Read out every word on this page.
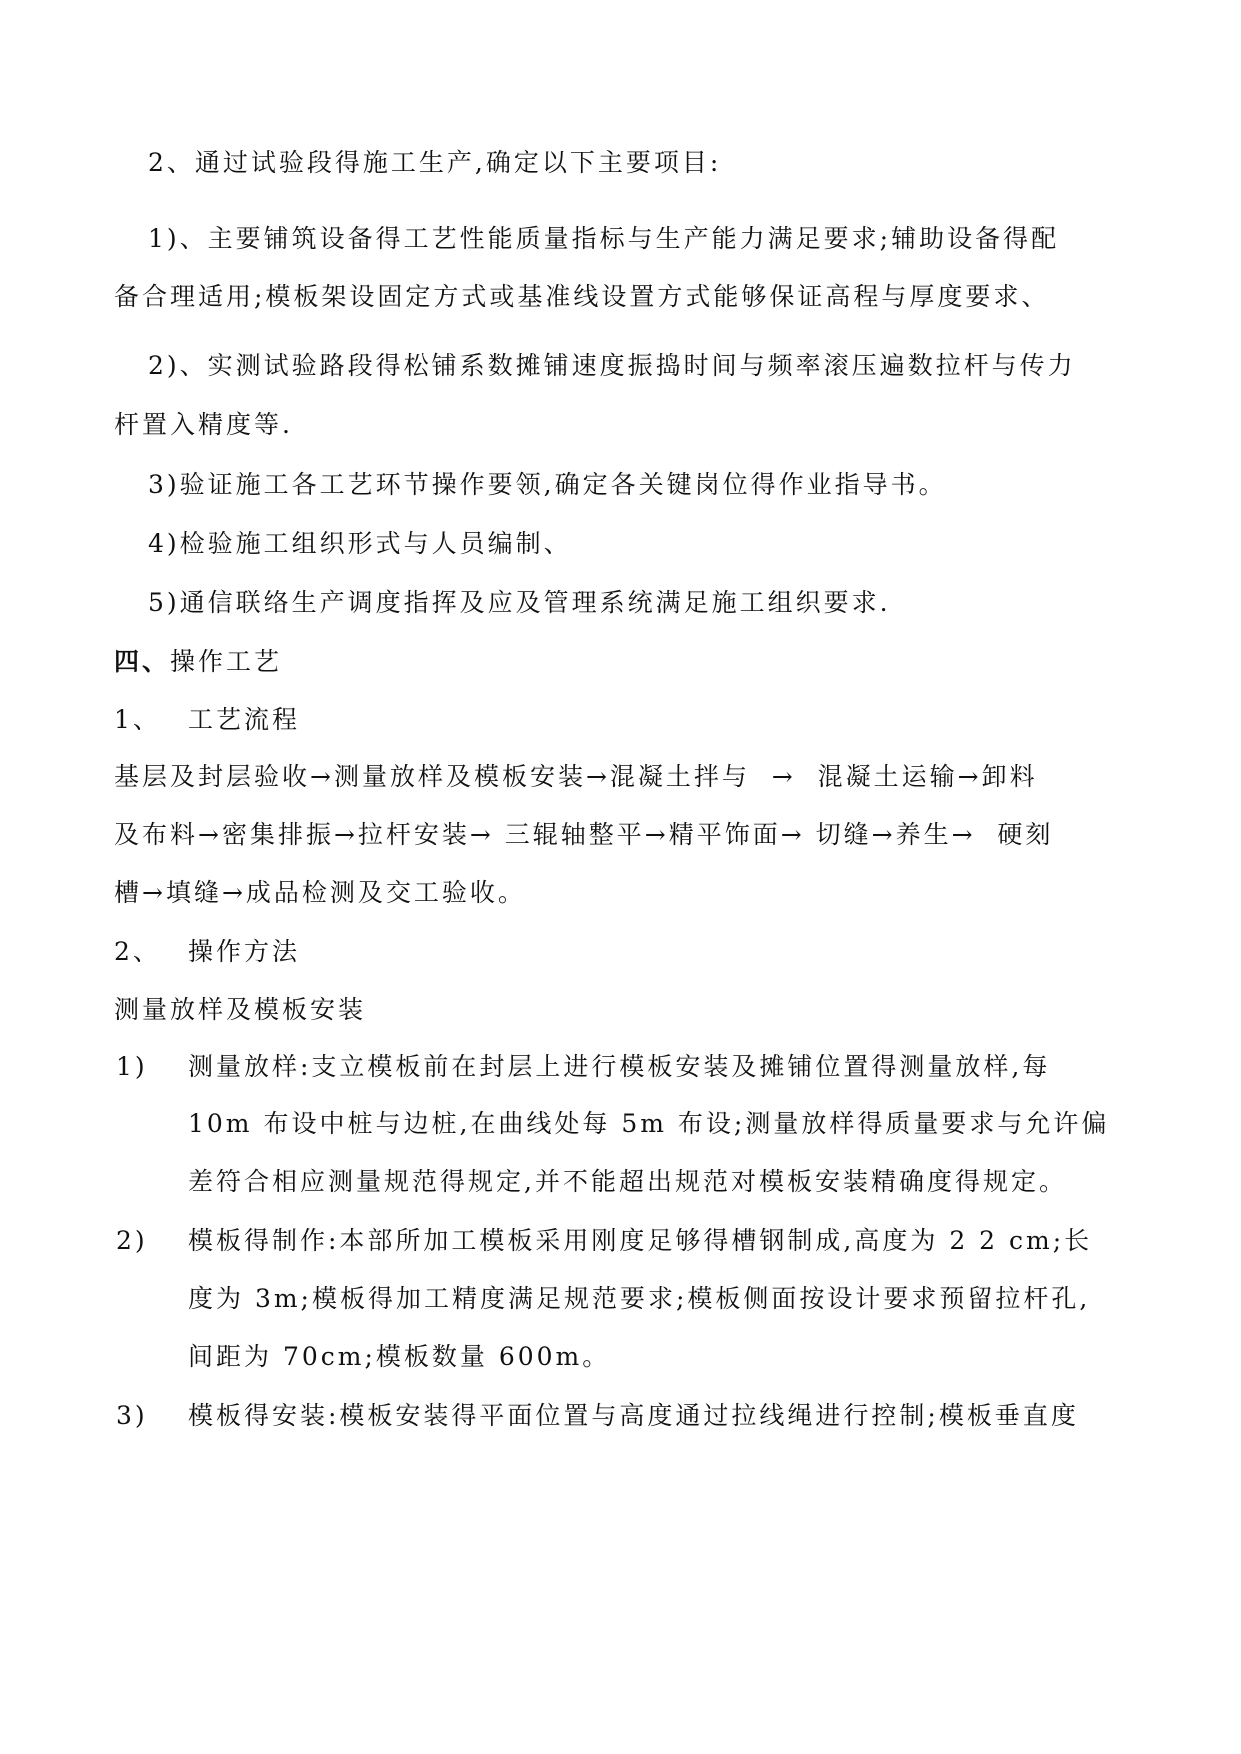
2、通过试验段得施工生产,确定以下主要项目:
1)、主要铺筑设备得工艺性能质量指标与生产能力满足要求;辅助设备得配
备合理适用;模板架设固定方式或基准线设置方式能够保证高程与厚度要求、
2)、实测试验路段得松铺系数摊铺速度振捣时间与频率滚压遍数拉杆与传力
杆置入精度等.
3)验证施工各工艺环节操作要领,确定各关键岗位得作业指导书。
4)检验施工组织形式与人员编制、
5)通信联络生产调度指挥及应及管理系统满足施工组织要求.
四、操作工艺
1、 工艺流程
基层及封层验收→测量放样及模板安装→混凝土拌与  →  混凝土运输→卸料
及布料→密集排振→拉杆安装→ 三辊轴整平→精平饰面→ 切缝→养生→  硬刻
槽→填缝→成品检测及交工验收。
2、 操作方法
测量放样及模板安装
1) 测量放样:支立模板前在封层上进行模板安装及摊铺位置得测量放样,每
10m 布设中桩与边桩,在曲线处每 5m 布设;测量放样得质量要求与允许偏
差符合相应测量规范得规定,并不能超出规范对模板安装精确度得规定。
2) 模板得制作:本部所加工模板采用刚度足够得槽钢制成,高度为 2 2 cm;长
度为 3m;模板得加工精度满足规范要求;模板侧面按设计要求预留拉杆孔,
间距为 70cm;模板数量 600m。
3) 模板得安装:模板安装得平面位置与高度通过拉线绳进行控制;模板垂直度
